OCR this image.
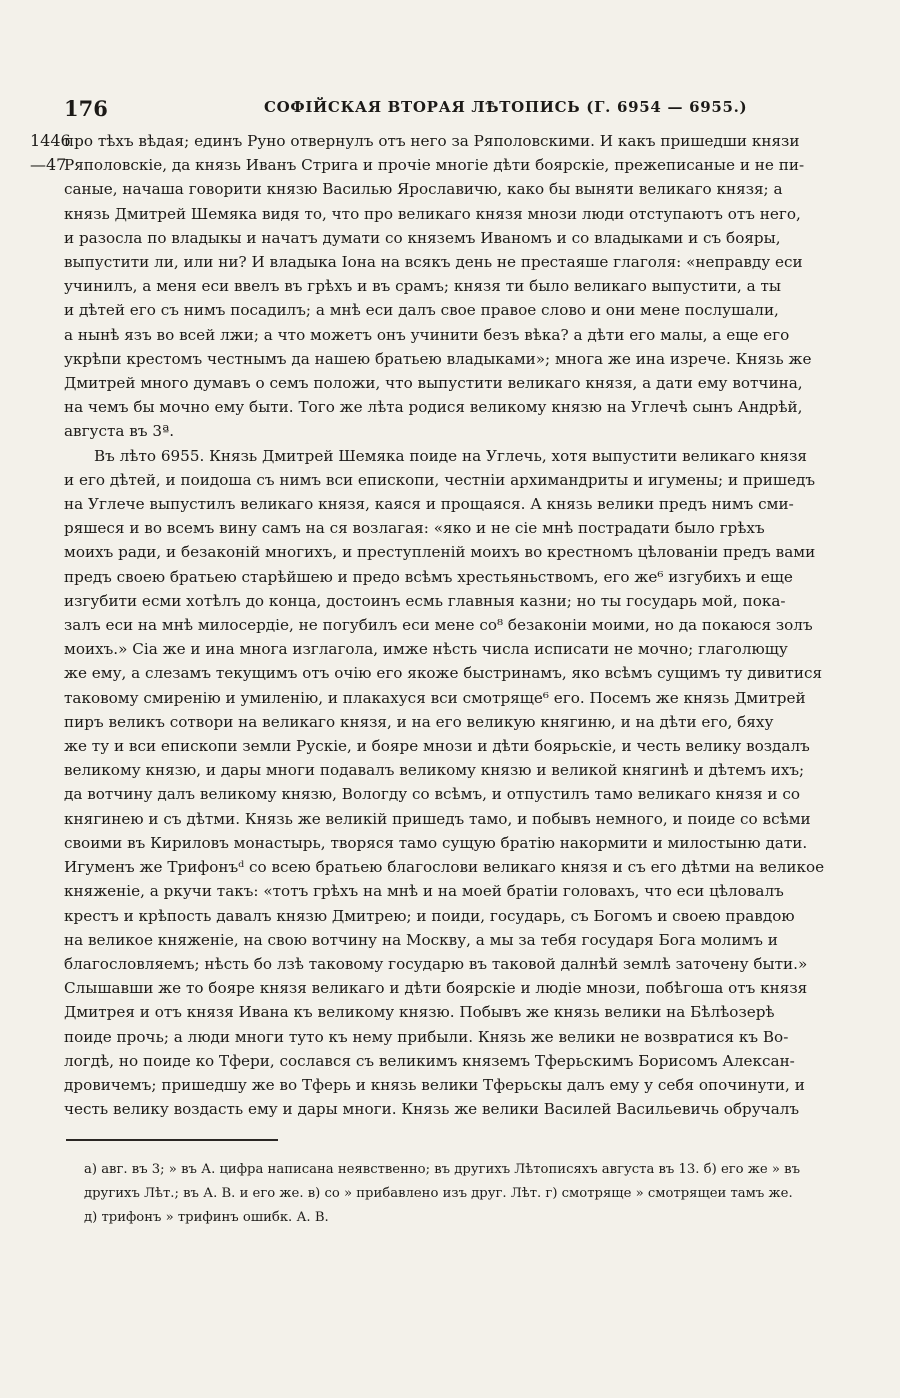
176	СОФІЙСКАЯ ВТОРАЯ ЛѢТОПИСЬ (Г. 6954 — 6955.)
1446
—47
про тѣхъ вѣдая; единъ Руно отвернулъ отъ него за Ряполовскими. И какъ пришедши князи
Ряполовскіе, да князь Иванъ Стрига и прочіе многіе дѣти боярскіе, прежеписаные и не пи-
саные, начаша говорити князю Василью Ярославичю, како бы выняти великаго князя; а
князь Дмитрей Шемяка видя то, что про великаго князя мнози люди отступаютъ отъ него,
и разосла по владыкы и начатъ думати со княземъ Иваномъ и со владыками и съ бояры,
выпустити ли, или ни? И владыка Іона на всякъ день не престаяше глаголя: «неправду еси
учинилъ, а меня еси ввелъ въ грѣхъ и въ срамъ; князя ти было великаго выпустити, а ты
и дѣтей его съ нимъ посадилъ; а мнѣ еси далъ свое правое слово и они мене послушали,
а нынѣ язъ во всей лжи; а что можетъ онъ учинити безъ вѣка? а дѣти его малы, а еще его
укрѣпи крестомъ честнымъ да нашею братьею владыками»; многа же ина изрече. Князь же
Дмитрей много думавъ о семъ положи, что выпустити великаго князя, а дати ему вотчина,
на чемъ бы мочно ему быти. Того же лѣта родися великому князю на Углечѣ сынъ Андрѣй,
августа въ 3ª.
Въ лѣто 6955. Князь Дмитрей Шемяка поиде на Углечь, хотя выпустити великаго князя
и его дѣтей, и поидоша съ нимъ вси епископи, честніи архимандриты и игумены; и пришедъ
на Углече выпустилъ великаго князя, каяся и прощаяся. А князь велики предъ нимъ сми-
ряшеся и во всемъ вину самъ на ся возлагая: «яко и не сіе мнѣ пострадати было грѣхъ
моихъ ради, и безаконій многихъ, и преступленій моихъ во крестномъ цѣлованіи предъ вами
предъ своею братьею старѣйшею и предо всѣмъ хрестьяньствомъ, его же⁶ изгубихъ и еще
изгубити есми хотѣлъ до конца, достоинъ есмь главныя казни; но ты государь мой, пока-
залъ еси на мнѣ милосердіе, не погубилъ еси мене со⁸ безаконіи моими, но да покаюся золъ
моихъ.» Сіа же и ина многа изглагола, имже нѣсть числа исписати не мочно; глаголющу
же ему, а слезамъ текущимъ отъ очію его якоже быстринамъ, яко всѣмъ сущимъ ту дивитися
таковому смиренію и умиленію, и плакахуся вси смотряще⁶ его. Посемъ же князь Дмитрей
пиръ великъ сотвори на великаго князя, и на его великую княгиню, и на дѣти его, бяху
же ту и вси епископи земли Рускіе, и бояре мнози и дѣти боярьскіе, и честь велику воздалъ
великому князю, и дары многи подавалъ великому князю и великой княгинѣ и дѣтемъ ихъ;
да вотчину далъ великому князю, Вологду со всѣмъ, и отпустилъ тамо великаго князя и со
княгинею и съ дѣтми. Князь же великій пришедъ тамо, и побывъ немного, и поиде со всѣми
своими въ Кириловъ монастырь, творяся тамо сущую братію накормити и милостыню дати.
Игуменъ же Трифонъᵈ со всею братьею благослови великаго князя и съ его дѣтми на великое
княженіе, а ркучи такъ: «тотъ грѣхъ на мнѣ и на моей братіи головахъ, что еси цѣловалъ
крестъ и крѣпость давалъ князю Дмитрею; и поиди, государь, съ Богомъ и своею правдою
на великое княженіе, на свою вотчину на Москву, а мы за тебя государя Бога молимъ и
благословляемъ; нѣсть бо лзѣ таковому государю въ таковой далнѣй землѣ заточену быти.»
Слышавши же то бояре князя великаго и дѣти боярскіе и людіе мнози, побѣгоша отъ князя
Дмитрея и отъ князя Ивана къ великому князю. Побывъ же князь велики на Бѣлѣозерѣ
поиде прочь; а люди многи туто къ нему прибыли. Князь же велики не возвратися къ Во-
логдѣ, но поиде ко Тфери, сослався съ великимъ княземъ Тферьскимъ Борисомъ Алексан-
дровичемъ; пришедшу же во Тферь и князь велики Тферьскы далъ ему у себя опочинути, и
честь велику воздасть ему и дары многи. Князь же велики Василей Васильевичь обручалъ
а) авг. въ 3; » въ А. цифра написана неявственно; въ другихъ Лѣтописяхъ августа въ 13. б) его же » въ
другихъ Лѣт.; въ А. В. и его же. в) со » прибавлено изъ друг. Лѣт. г) смотряще » смотрящеи тамъ же.
д) трифонъ » трифинъ ошибк. А. В.
